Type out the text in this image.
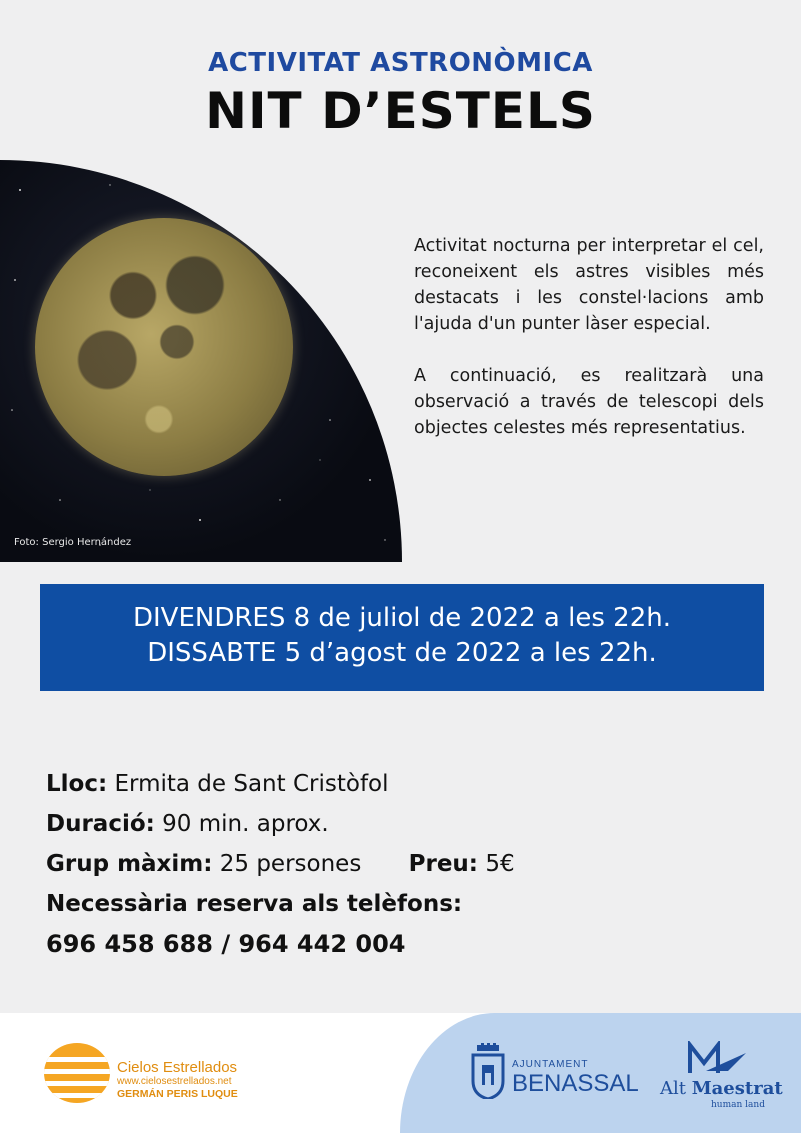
ACTIVITAT ASTRONÒMICA
NIT D’ESTELS
Foto: Sergio Hernández

Activitat nocturna per interpretar el cel, reconeixent els astres visibles més destacats i les constel·lacions amb l'ajuda d'un punter làser especial.

A continuació, es realitzarà una observació a través de telescopi dels objectes celestes més representatius.

DIVENDRES 8 de juliol de 2022 a les 22h.
DISSABTE 5 d’agost de 2022 a les 22h.
Lloc: Ermita de Sant Cristòfol
Duració: 90 min. aprox.
Grup màxim: 25 persones Preu: 5€
Necessària reserva als telèfons:
696 458 688 / 964 442 004
Cielos Estrellados
www.cielosestrellados.net
GERMÁN PERIS LUQUE
AJUNTAMENT
BENASSAL Alt Maestrat
human land
